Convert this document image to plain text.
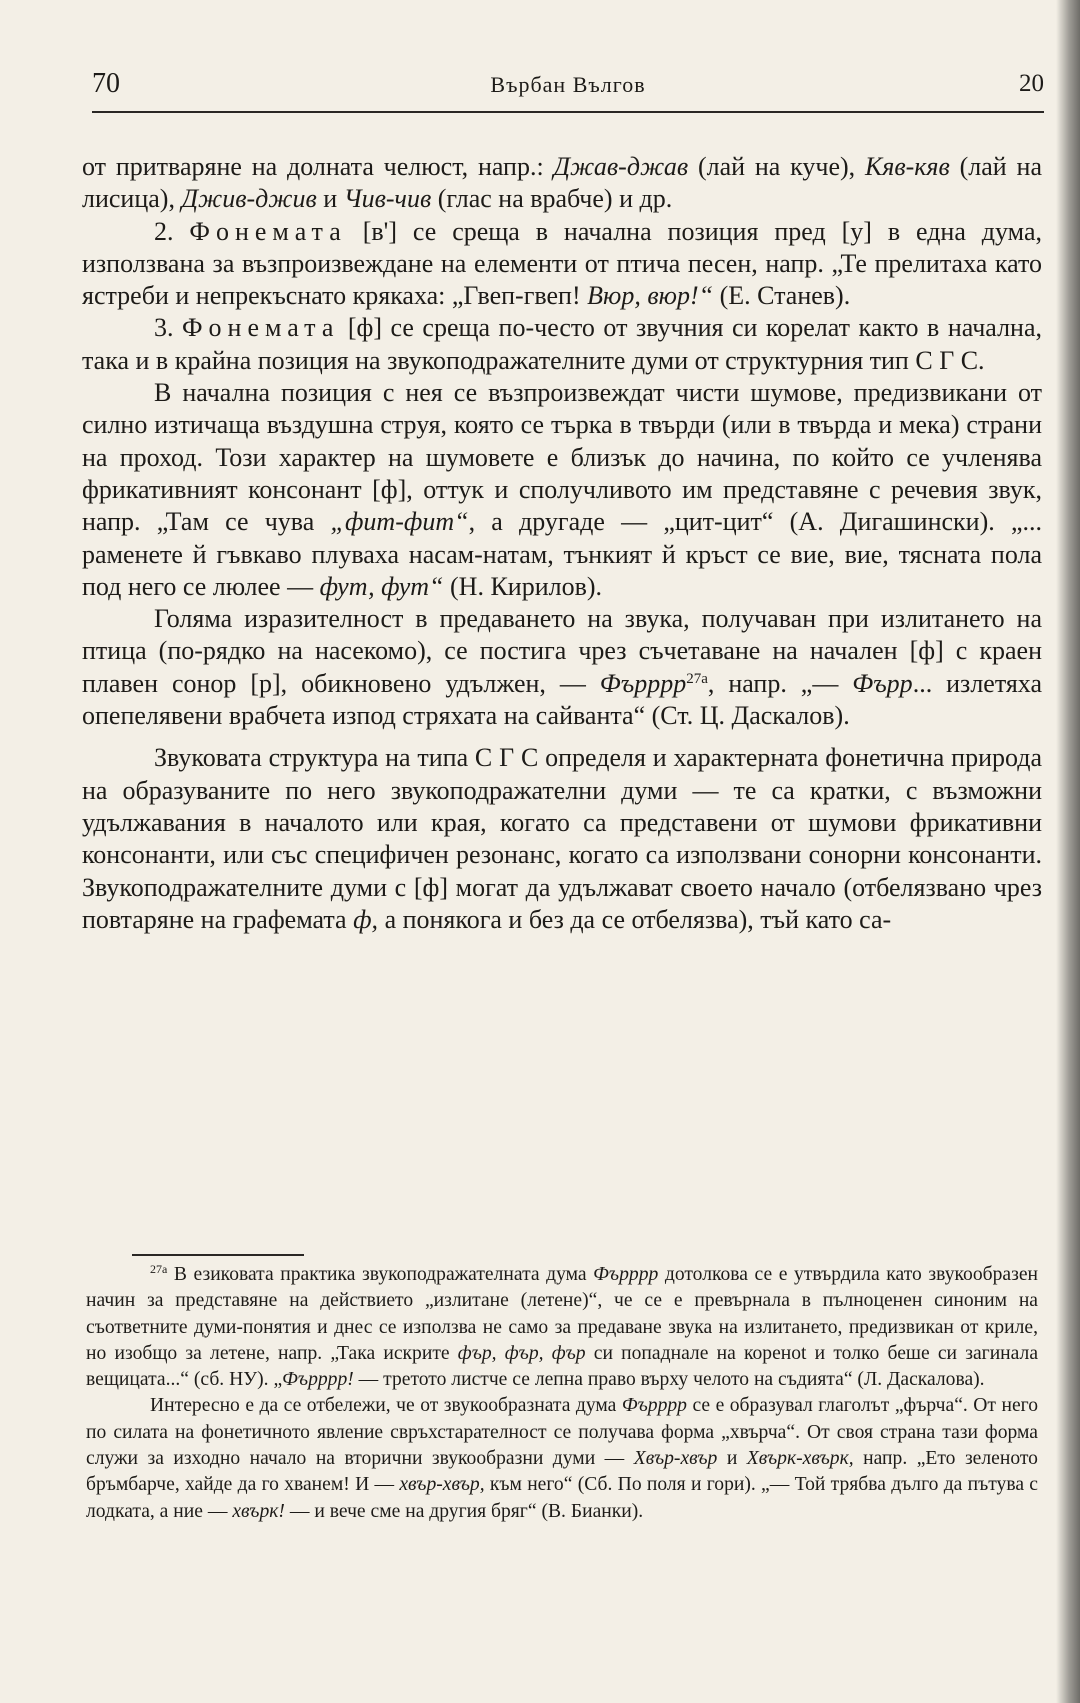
70	Върбан Вългов	20

от притваряне на долната челюст, напр.: Джав-джав (лай на куче), Кяв-кяв (лай на лисица), Джив-джив и Чив-чив (глас на врабче) и др.

2. Фонемата [в'] се среща в начална позиция пред [у] в една дума, използвана за възпроизвеждане на елементи от птича песен, напр. „Те прелитаха като ястреби и непрекъснато крякаха: „Гвеп-гвеп! Вюр, вюр!“ (Е. Станев).

3. Фонемата [ф] се среща по-често от звучния си корелат както в начална, така и в крайна позиция на звукоподражателните думи от структурния тип С Г С.

В начална позиция с нея се възпроизвеждат чисти шумове, предизвикани от силно изтичаща въздушна струя, която се търка в твърди (или в твърда и мека) страни на проход. Този характер на шумовете е близък до начина, по който се учленява фрикативният консонант [ф], оттук и сполучливото им представяне с речевия звук, напр. „Там се чува „фит-фит“, а другаде — „цит-цит“ (А. Дигашински). „... раменете й гъвкаво плуваха насам-натам, тънкият й кръст се вие, вие, тясната пола под него се люлее — фут, фут“ (Н. Кирилов).

Голяма изразителност в предаването на звука, получаван при излитането на птица (по-рядко на насекомо), се постига чрез съчетаване на начален [ф] с краен плавен сонор [р], обикновено удължен, — Фърррр$^{27а}$, напр. „— Фърр... излетяха опепелявени врабчета изпод стряхата на сайванта“ (Ст. Ц. Даскалов).

Звуковата структура на типа С Г С определя и характерната фонетична природа на образуваните по него звукоподражателни думи — те са кратки, с възможни удължавания в началото или края, когато са представени от шумови фрикативни консонанти, или със специфичен резонанс, когато са използвани сонорни консонанти. Звукоподражателните думи с [ф] могат да удължават своето начало (отбелязвано чрез повтаряне на графемата ф, а понякога и без да се отбелязва), тъй като са-

$^{27а}$ В езиковата практика звукоподражателната дума Фърррр дотолкова се е утвърдила като звукообразен начин за представяне на действието „излитане (летене)“, че се е превърнала в пълноценен синоним на съответните думи-понятия и днес се използва не само за предаване звука на излитането, предизвикан от криле, но изобщо за летене, напр. „Така искрите фър, фър, фър си попадналe на кореноt и толко беше си загинала вещицата...“ (сб. НУ). „Фърррр! — третото листче се лепна право върху челото на съдията“ (Л. Даскалова).

Интересно е да се отбележи, че от звукообразната дума Фърррр се е образувал глаголът „фърча“. От него по силата на фонетичното явление свръхстарателност се получава форма „хвърча“. От своя страна тази форма служи за изходно начало на вторични звукообразни думи — Хвър-хвър и Хвърк-хвърк, напр. „Ето зеленото бръмбарче, хайде да го хванем! И — хвър-хвър, към него“ (Сб. По поля и гори). „— Той трябва дълго да пътува с лодката, а ние — хвърк! — и вече сме на другия бряг“ (В. Бианки).
